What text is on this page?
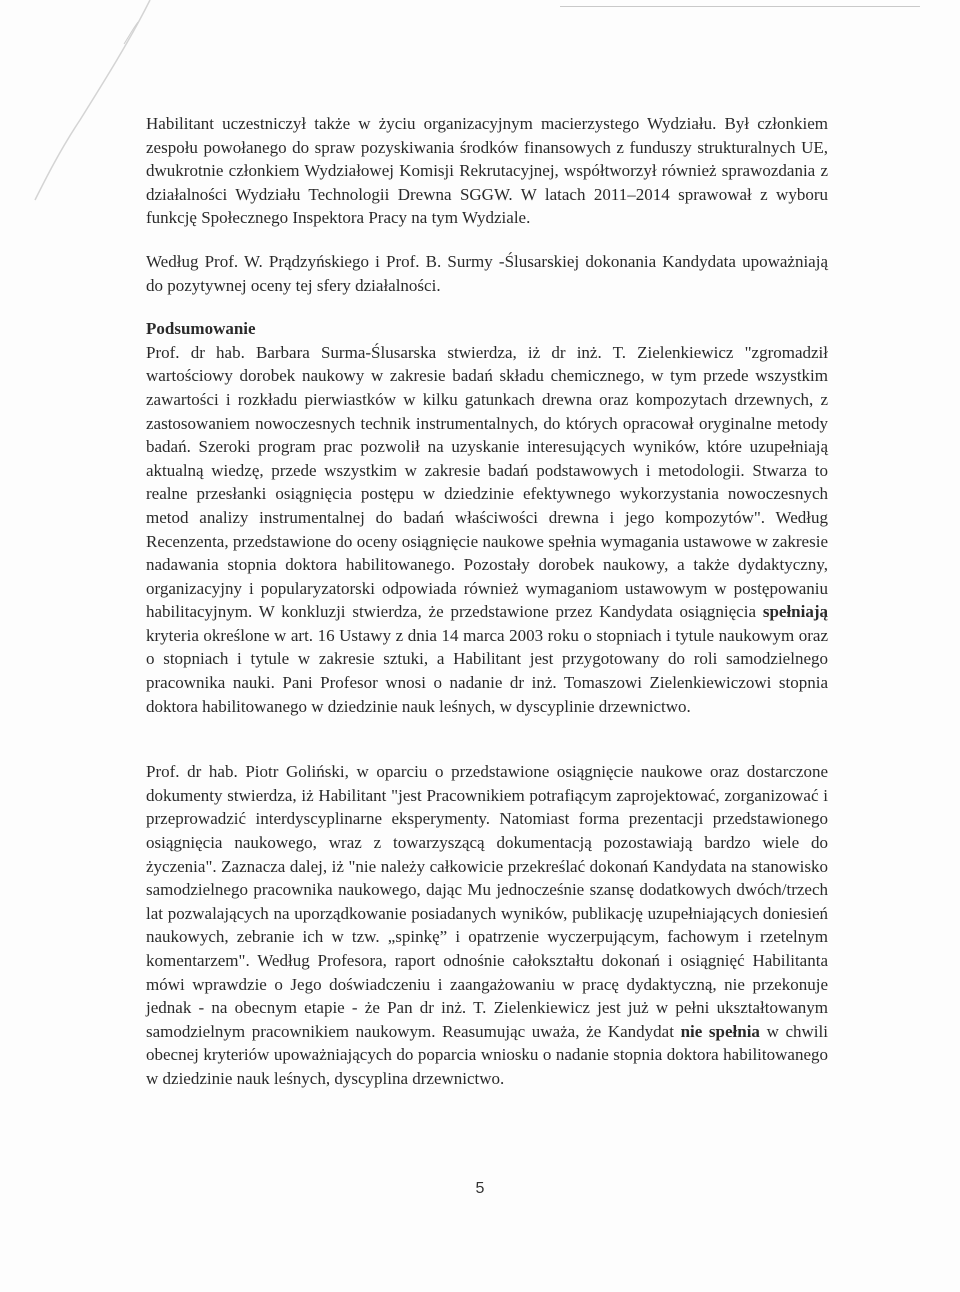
Habilitant uczestniczył także w życiu organizacyjnym macierzystego Wydziału. Był członkiem zespołu powołanego do spraw pozyskiwania środków finansowych z funduszy strukturalnych UE, dwukrotnie członkiem Wydziałowej Komisji Rekrutacyjnej, współtworzył również sprawozdania z działalności Wydziału Technologii Drewna SGGW. W latach 2011–2014 sprawował z wyboru funkcję Społecznego Inspektora Pracy na tym Wydziale.

Według Prof. W. Prądzyńskiego i Prof. B. Surmy -Ślusarskiej dokonania Kandydata upoważniają do pozytywnej oceny tej sfery działalności.

Podsumowanie

Prof. dr hab. Barbara Surma-Ślusarska stwierdza, iż dr inż. T. Zielenkiewicz "zgromadził wartościowy dorobek naukowy w zakresie badań składu chemicznego, w tym przede wszystkim zawartości i rozkładu pierwiastków w kilku gatunkach drewna oraz kompozytach drzewnych, z zastosowaniem nowoczesnych technik instrumentalnych, do których opracował oryginalne metody badań. Szeroki program prac pozwolił na uzyskanie interesujących wyników, które uzupełniają aktualną wiedzę, przede wszystkim w zakresie badań podstawowych i metodologii. Stwarza to realne przesłanki osiągnięcia postępu w dziedzinie efektywnego wykorzystania nowoczesnych metod analizy instrumentalnej do badań właściwości drewna i jego kompozytów". Według Recenzenta, przedstawione do oceny osiągnięcie naukowe spełnia wymagania ustawowe w zakresie nadawania stopnia doktora habilitowanego. Pozostały dorobek naukowy, a także dydaktyczny, organizacyjny i popularyzatorski odpowiada również wymaganiom ustawowym w postępowaniu habilitacyjnym. W konkluzji stwierdza, że przedstawione przez Kandydata osiągnięcia spełniają kryteria określone w art. 16 Ustawy z dnia 14 marca 2003 roku o stopniach i tytule naukowym oraz o stopniach i tytule w zakresie sztuki, a Habilitant jest przygotowany do roli samodzielnego pracownika nauki. Pani Profesor wnosi o nadanie dr inż. Tomaszowi Zielenkiewiczowi stopnia doktora habilitowanego w dziedzinie nauk leśnych, w dyscyplinie drzewnictwo.

Prof. dr hab. Piotr Goliński, w oparciu o przedstawione osiągnięcie naukowe oraz dostarczone dokumenty stwierdza, iż Habilitant "jest Pracownikiem potrafiącym zaprojektować, zorganizować i przeprowadzić interdyscyplinarne eksperymenty. Natomiast forma prezentacji przedstawionego osiągnięcia naukowego, wraz z towarzyszącą dokumentacją pozostawiają bardzo wiele do życzenia". Zaznacza dalej, iż "nie należy całkowicie przekreślać dokonań Kandydata na stanowisko samodzielnego pracownika naukowego, dając Mu jednocześnie szansę dodatkowych dwóch/trzech lat pozwalających na uporządkowanie posiadanych wyników, publikację uzupełniających doniesień naukowych, zebranie ich w tzw. „spinkę” i opatrzenie wyczerpującym, fachowym i rzetelnym komentarzem". Według Profesora, raport odnośnie całokształtu dokonań i osiągnięć Habilitanta mówi wprawdzie o Jego doświadczeniu i zaangażowaniu w pracę dydaktyczną, nie przekonuje jednak - na obecnym etapie - że Pan dr inż. T. Zielenkiewicz jest już w pełni ukształtowanym samodzielnym pracownikiem naukowym. Reasumując uważa, że Kandydat nie spełnia w chwili obecnej kryteriów upoważniających do poparcia wniosku o nadanie stopnia doktora habilitowanego w dziedzinie nauk leśnych, dyscyplina drzewnictwo.

5
